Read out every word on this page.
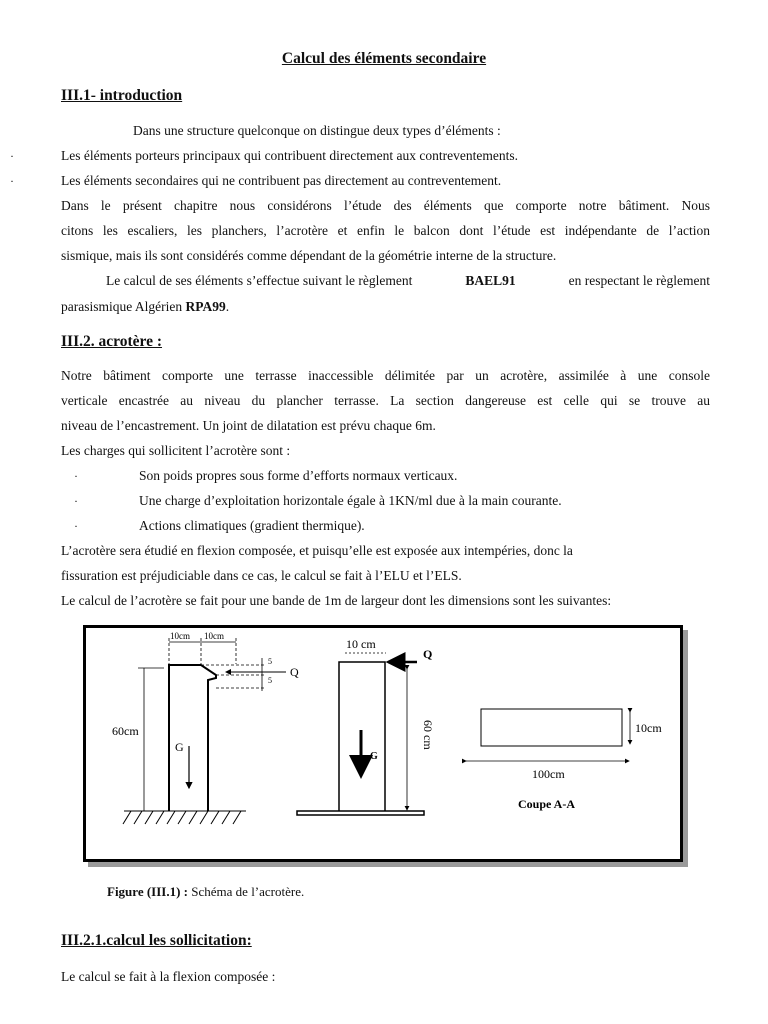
Calcul des éléments secondaire
III.1- introduction
Dans une structure quelconque on distingue deux types d’éléments :
·	Les éléments porteurs principaux qui contribuent directement aux contreventements.
·	Les éléments secondaires qui ne contribuent pas directement au contreventement.
Dans le présent chapitre nous considérons l’étude des éléments que comporte notre bâtiment. Nous
citons les escaliers, les planchers, l’acrotère et enfin le balcon dont l’étude est indépendante de l’action
sismique, mais ils sont considérés comme dépendant de la géométrie interne de la structure.
Le calcul de ses éléments s’effectue suivant le règlement	BAEL91	en respectant le règlement
parasismique Algérien RPA99.
III.2. acrotère :
Notre bâtiment comporte une terrasse inaccessible délimitée par un acrotère, assimilée à une console
verticale encastrée au niveau du plancher terrasse. La section dangereuse est celle qui se trouve au
niveau de l’encastrement. Un joint de dilatation est prévu chaque 6m.
Les charges qui sollicitent l’acrotère sont :
·	Son poids propres sous forme d’efforts normaux verticaux.
·	Une charge d’exploitation horizontale égale à 1KN/ml due à la main courante.
·	Actions climatiques (gradient thermique).
L’acrotère sera étudié en flexion composée, et puisqu’elle est exposée aux intempéries, donc la
fissuration est préjudiciable dans ce cas, le calcul se fait à l’ELU et l’ELS.
Le calcul de l’acrotère se fait pour une bande de 1m de largeur dont les dimensions sont les suivantes:
10cm 10cm
5
5
Q
60cm
G
10 cm
Q
60 cm
G
10cm
100cm
Coupe A-A
Figure (III.1) : Schéma de l’acrotère.
III.2.1.calcul les sollicitation:
Le calcul se fait à la flexion composée :
